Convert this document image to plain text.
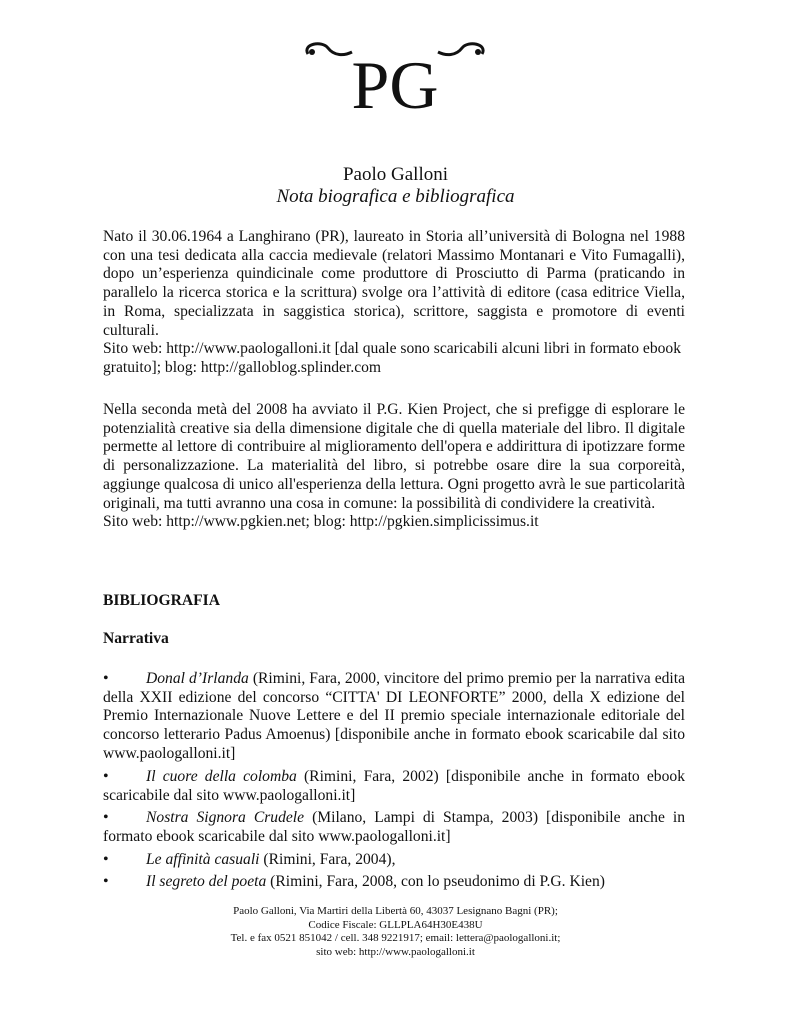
PG
Paolo Galloni
Nota biografica e bibliografica

Nato il 30.06.1964 a Langhirano (PR), laureato in Storia all’università di Bologna nel 1988 con una tesi dedicata alla caccia medievale (relatori Massimo Montanari e Vito Fumagalli), dopo un’esperienza quindicinale come produttore di Prosciutto di Parma (praticando in parallelo la ricerca storica e la scrittura) svolge ora l’attività di editore (casa editrice Viella, in Roma, specializzata in saggistica storica), scrittore, saggista e promotore di eventi culturali.
Sito web: http://www.paologalloni.it [dal quale sono scaricabili alcuni libri in formato ebook gratuito]; blog: http://galloblog.splinder.com

Nella seconda metà del 2008 ha avviato il P.G. Kien Project, che si prefigge di esplorare le potenzialità creative sia della dimensione digitale che di quella materiale del libro. Il digitale permette al lettore di contribuire al miglioramento dell'opera e addirittura di ipotizzare forme di personalizzazione. La materialità del libro, si potrebbe osare dire la sua corporeità, aggiunge qualcosa di unico all'esperienza della lettura. Ogni progetto avrà le sue particolarità originali, ma tutti avranno una cosa in comune: la possibilità di condividere la creatività.
Sito web: http://www.pgkien.net; blog: http://pgkien.simplicissimus.it

BIBLIOGRAFIA
Narrativa

• Donal d’Irlanda (Rimini, Fara, 2000, vincitore del primo premio per la narrativa edita della XXII edizione del concorso “CITTA' DI LEONFORTE” 2000, della X edizione del Premio Internazionale Nuove Lettere e del II premio speciale internazionale editoriale del concorso letterario Padus Amoenus) [disponibile anche in formato ebook scaricabile dal sito www.paologalloni.it]

• Il cuore della colomba (Rimini, Fara, 2002) [disponibile anche in formato ebook scaricabile dal sito www.paologalloni.it]

• Nostra Signora Crudele (Milano, Lampi di Stampa, 2003) [disponibile anche in formato ebook scaricabile dal sito www.paologalloni.it]

• Le affinità casuali (Rimini, Fara, 2004),

• Il segreto del poeta (Rimini, Fara, 2008, con lo pseudonimo di P.G. Kien)

Paolo Galloni, Via Martiri della Libertà 60, 43037 Lesignano Bagni (PR);
Codice Fiscale: GLLPLA64H30E438U
Tel. e fax 0521 851042 / cell. 348 9221917; email: lettera@paologalloni.it;
sito web: http://www.paologalloni.it
